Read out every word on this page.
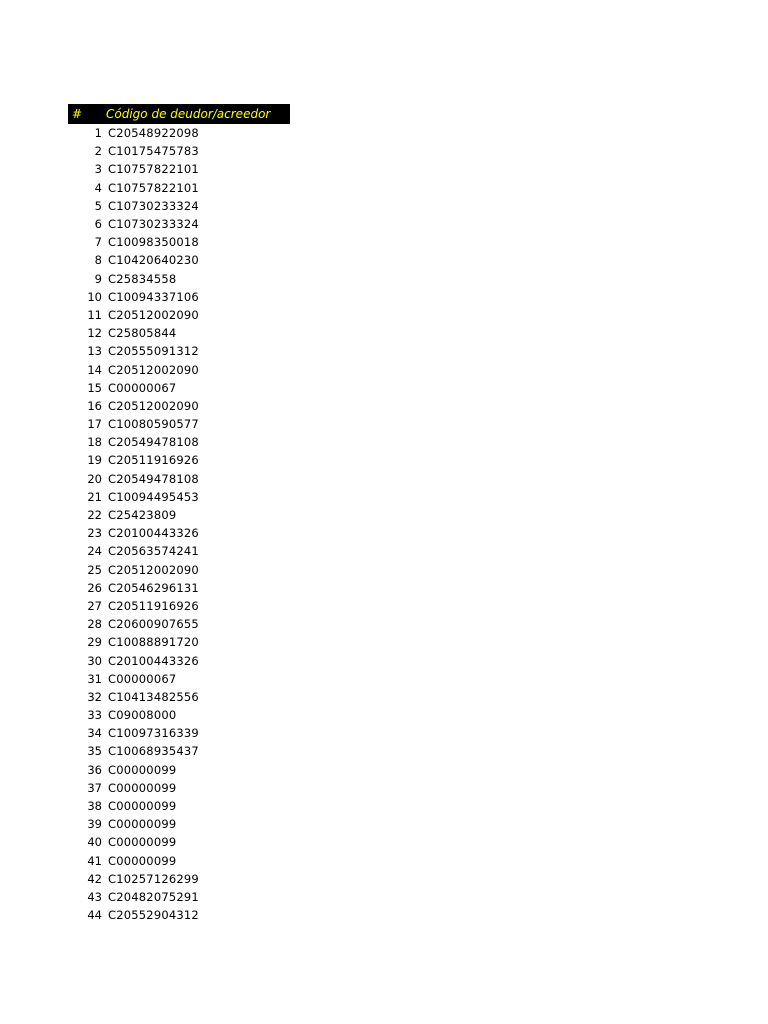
#	Código de deudor/acreedor
1 C20548922098
2 C10175475783
3 C10757822101
4 C10757822101
5 C10730233324
6 C10730233324
7 C10098350018
8 C10420640230
9 C25834558
10 C10094337106
11 C20512002090
12 C25805844
13 C20555091312
14 C20512002090
15 C00000067
16 C20512002090
17 C10080590577
18 C20549478108
19 C20511916926
20 C20549478108
21 C10094495453
22 C25423809
23 C20100443326
24 C20563574241
25 C20512002090
26 C20546296131
27 C20511916926
28 C20600907655
29 C10088891720
30 C20100443326
31 C00000067
32 C10413482556
33 C09008000
34 C10097316339
35 C10068935437
36 C00000099
37 C00000099
38 C00000099
39 C00000099
40 C00000099
41 C00000099
42 C10257126299
43 C20482075291
44 C20552904312
